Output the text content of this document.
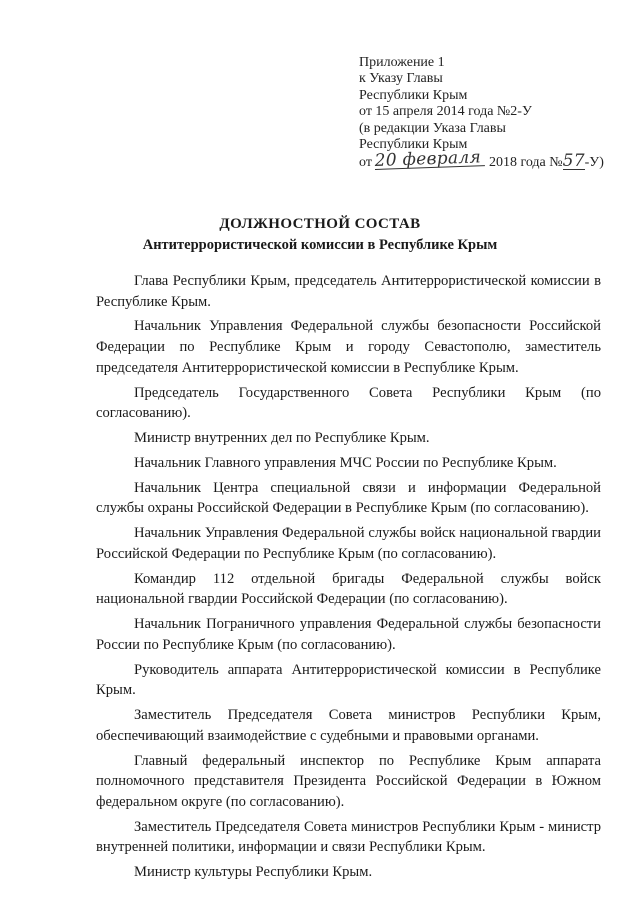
Приложение 1
к Указу Главы
Республики Крым
от 15 апреля 2014 года №2-У
(в редакции Указа Главы
Республики Крым
от 20 февраля 2018 года №57-У)
ДОЛЖНОСТНОЙ СОСТАВ
Антитеррористической комиссии в Республике Крым

Глава Республики Крым, председатель Антитеррористической комиссии в Республике Крым.

Начальник Управления Федеральной службы безопасности Российской Федерации по Республике Крым и городу Севастополю, заместитель председателя Антитеррористической комиссии в Республике Крым.

Председатель Государственного Совета Республики Крым (по согласованию).

Министр внутренних дел по Республике Крым.

Начальник Главного управления МЧС России по Республике Крым.

Начальник Центра специальной связи и информации Федеральной службы охраны Российской Федерации в Республике Крым (по согласованию).

Начальник Управления Федеральной службы войск национальной гвардии Российской Федерации по Республике Крым (по согласованию).

Командир 112 отдельной бригады Федеральной службы войск национальной гвардии Российской Федерации (по согласованию).

Начальник Пограничного управления Федеральной службы безопасности России по Республике Крым (по согласованию).

Руководитель аппарата Антитеррористической комиссии в Республике Крым.

Заместитель Председателя Совета министров Республики Крым, обеспечивающий взаимодействие с судебными и правовыми органами.

Главный федеральный инспектор по Республике Крым аппарата полномочного представителя Президента Российской Федерации в Южном федеральном округе (по согласованию).

Заместитель Председателя Совета министров Республики Крым - министр внутренней политики, информации и связи Республики Крым.

Министр культуры Республики Крым.
